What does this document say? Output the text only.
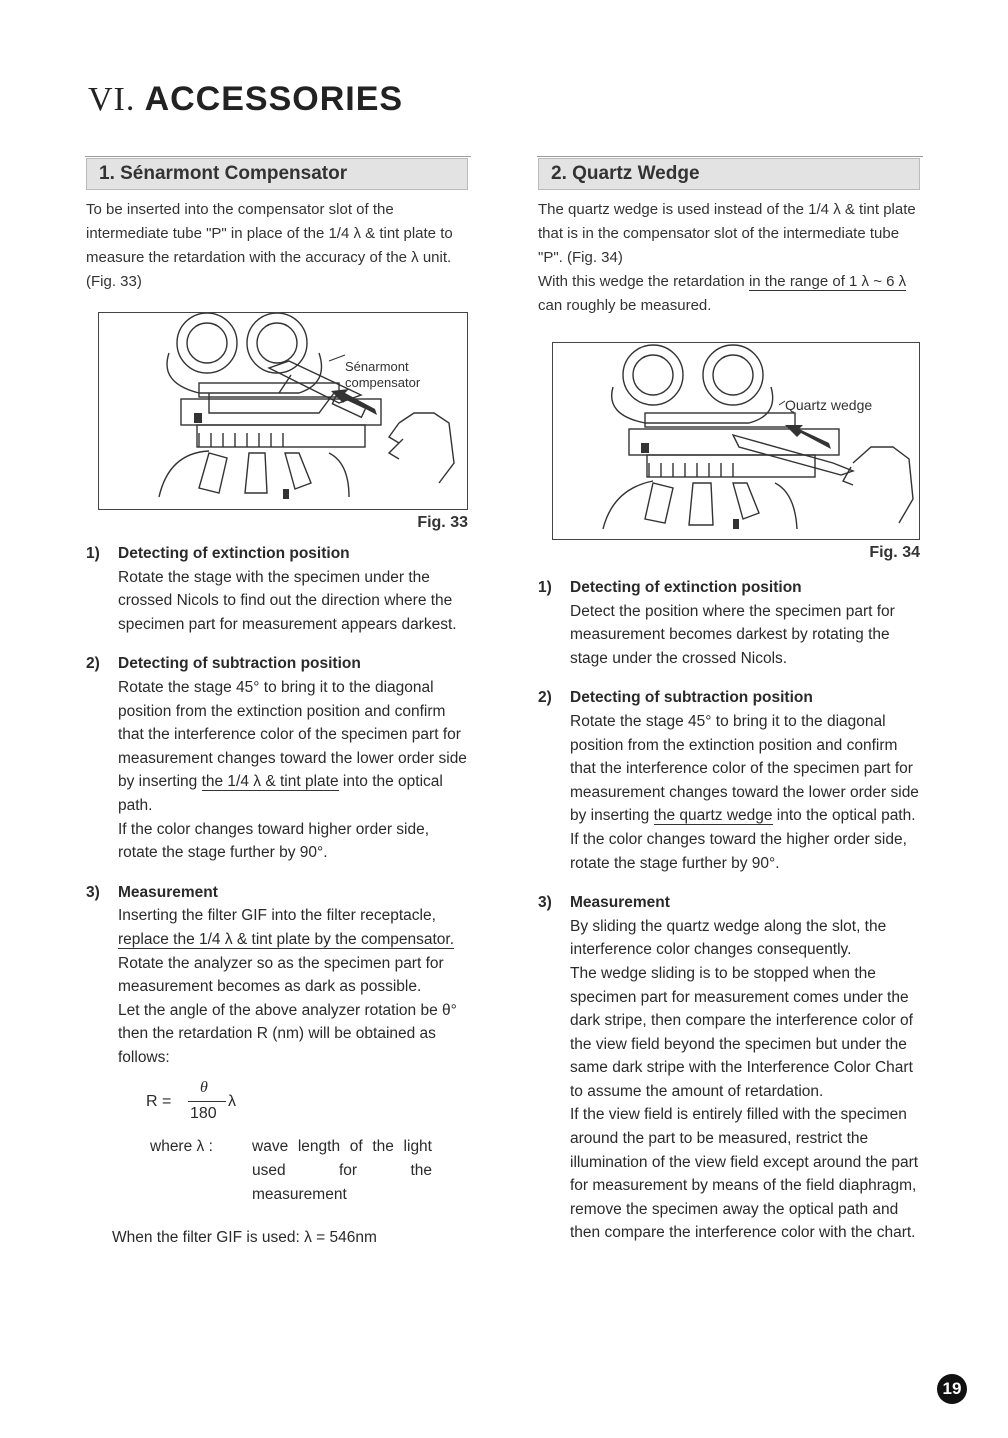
VI. ACCESSORIES
1. Sénarmont Compensator

To be inserted into the compensator slot of the intermediate tube "P" in place of the 1/4 λ & tint plate to measure the retardation with the accuracy of the λ unit. (Fig. 33)

Sénarmont
compensator
Fig. 33
1)	Detecting of extinction position

Rotate the stage with the specimen under the crossed Nicols to find out the direction where the specimen part for measurement appears darkest.

2)	Detecting of subtraction position

Rotate the stage 45° to bring it to the diagonal position from the extinction position and confirm that the interference color of the specimen part for measurement changes toward the lower order side by inserting the 1/4 λ & tint plate into the optical path.

If the color changes toward higher order side, rotate the stage further by 90°.

3)	Measurement

Inserting the filter GIF into the filter receptacle, replace the 1/4 λ & tint plate by the compensator.

Rotate the analyzer so as the specimen part for measurement becomes as dark as possible.

Let the angle of the above analyzer rotation be θ° then the retardation R (nm) will be obtained as follows:

R =
θ
180
λ
where λ :	wave length of the light used for the measurement
When the filter GIF is used: λ = 546nm
2. Quartz Wedge

The quartz wedge is used instead of the 1/4 λ & tint plate that is in the compensator slot of the intermediate tube "P". (Fig. 34)

With this wedge the retardation in the range of 1 λ ~ 6 λ can roughly be measured.

Quartz wedge
Fig. 34
1)	Detecting of extinction position

Detect the position where the specimen part for measurement becomes darkest by rotating the stage under the crossed Nicols.

2)	Detecting of subtraction position

Rotate the stage 45° to bring it to the diagonal position from the extinction position and confirm that the interference color of the specimen part for measurement changes toward the lower order side by inserting the quartz wedge into the optical path.

If the color changes toward the higher order side, rotate the stage further by 90°.

3)	Measurement

By sliding the quartz wedge along the slot, the interference color changes consequently.

The wedge sliding is to be stopped when the specimen part for measurement comes under the dark stripe, then compare the interference color of the view field beyond the specimen but under the same dark stripe with the Interference Color Chart to assume the amount of retardation.

If the view field is entirely filled with the specimen around the part to be measured, restrict the illumination of the view field except around the part for measurement by means of the field diaphragm, remove the specimen away the optical path and then compare the interference color with the chart.

19
